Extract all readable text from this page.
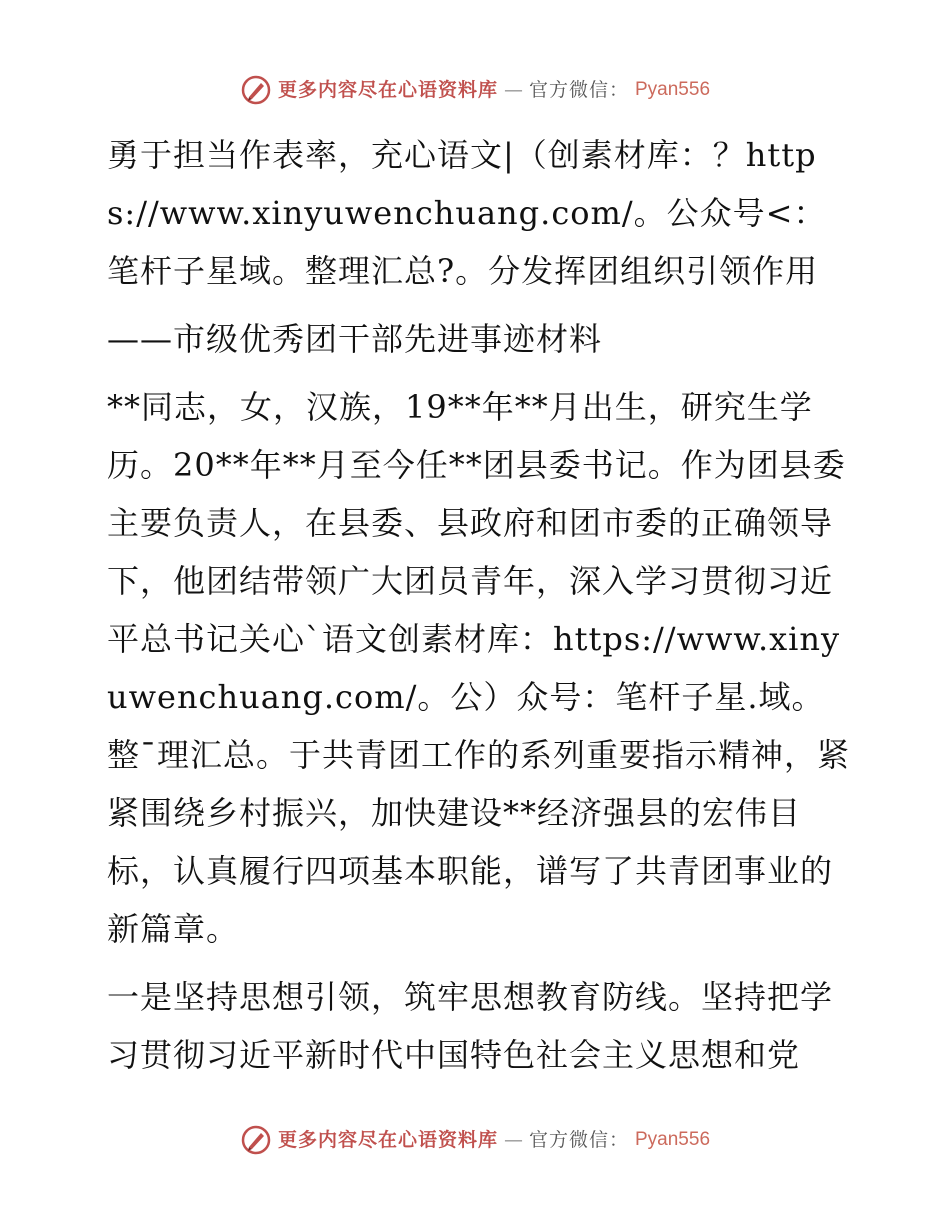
更多内容尽在心语资料库 — 官方微信： Pyan556

勇于担当作表率，充心语文|（创素材库：？https://www.xinyuwenchuang.com/。公众号<：笔杆子星域。整理汇总?。分发挥团组织引领作用

——市级优秀团干部先进事迹材料

**同志，女，汉族，19**年**月出生，研究生学历。20**年**月至今任**团县委书记。作为团县委主要负责人，在县委、县政府和团市委的正确领导下，他团结带领广大团员青年，深入学习贯彻习近平总书记关心`语文创素材库：https://www.xinyuwenchuang.com/。公）众号：笔杆子星.域。整¯理汇总。于共青团工作的系列重要指示精神，紧紧围绕乡村振兴，加快建设**经济强县的宏伟目标，认真履行四项基本职能，谱写了共青团事业的新篇章。

一是坚持思想引领，筑牢思想教育防线。坚持把学习贯彻习近平新时代中国特色社会主义思想和党

更多内容尽在心语资料库 — 官方微信： Pyan556
